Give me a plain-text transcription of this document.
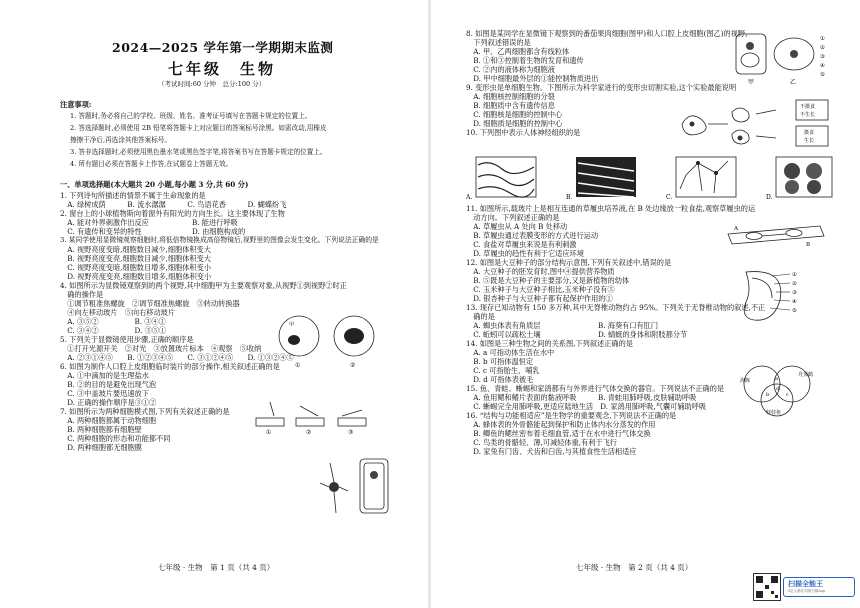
2024—2025 学年第一学期期末监测
七年级　生物
（考试时间:60 分钟　总分:100 分）
注意事项:
1. 答题时,务必将自己的学校、班级、姓名、准考证号填写在答题卡规定的位置上。
2. 答选择题时,必须使用 2B 铅笔将答题卡上对应题目的答案标号涂黑。如需改动,用橡皮
擦擦干净后,再选涂其他答案标号。
3. 答非选择题时,必须使用黑色墨水笔或黑色签字笔,将答案书写在答题卡规定的位置上。
4. 所有题目必须在答题卡上作答,在试题卷上答题无效。
一、单项选择题(本大题共 20 小题,每小题 3 分,共 60 分)
1. 下列诗句所描述的情景不属于生命现象的是
　A. 绿树成荫　　　B. 流水潺潺　　　C. 鸟语花香　　　D. 蝴蝶纷飞
2. 窗台上的小球植物斯向着窗外有阳光的方向生长。这主要体现了生物
　A. 能对外界刺激作出反应　　　　　　B. 能进行呼吸
　C. 有遗传和变异的特性　　　　　　　D. 由细胞构成的
3. 某同学使用显微镜观察细胞时,将低倍物镜换成高倍物镜后,视野里的图像会发生变化。下列说法正确的是
　A. 视野亮度变暗,细胞数目减少,细胞体积变大
　B. 视野亮度变亮,细胞数目减少,细胞体积变大
　C. 视野亮度变暗,细胞数目增多,细胞体积变小
　D. 视野亮度变亮,细胞数目增多,细胞体积变小
4. 如图所示为显微镜观察到的两个视野,其中细胞甲为主要观察对象,从视野①到视野②时正
　确的操作是
　①调节粗准焦螺旋　②调节细准焦螺旋　③转动转换器
　④向左移动玻片　⑤向右移动玻片
　A. ③⑤②　　　　　B. ③④①
　C. ③④②　　　　　D. ③⑤①
5. 下列关于显微镜使用步骤,正确的顺序是
　①打开光源开关　②对光　③放置玻片标本　④观察　⑤收纳
　A. ②③①④⑤　　B. ①②③④⑤　　C. ③①②④⑤　　D. ①③②④⑤
6. 如图为制作人口腔上皮细胞临时装片的部分操作,相关叙述正确的是
　A. ①中滴加的是生理盐水
　B. ②的目的是避免出现气泡
　C. ③中盖玻片要迅速放下
　D. 正确的操作顺序是③①②
7. 如图所示为两种细胞模式图,下列有关叙述正确的是
　A. 两种细胞都属于动物细胞
　B. 两种细胞都有细胞壁
　C. 两种细胞的形态和功能都不同
　D. 两种细胞都无细胞膜
甲
①	②
①	②	③
七年级 · 生物　第 1 页（共 4 页）
8. 如图是某同学在显微镜下观察到的番茄果肉细胞(图甲)和人口腔上皮细胞(图乙)的视野,
　下列叙述错误的是
　A. 甲、乙两细胞都含有线粒体
　B. ①和③控制着生物的发育和遗传
　C. ②内的液体称为细胞液
　D. 甲中细胞最外层的①能控制物质进出
9. 变形虫是单细胞生物。下图所示为科学家进行的变形虫切割实验,这个实验最能说明
　A. 细胞核控制细胞的分裂
　B. 细胞质中含有遗传信息
　C. 细胞核是细胞的控制中心
　D. 细胞质是细胞的控制中心
10. 下列图中表示人体神经组织的是
甲	乙
①
②
③
④
⑤
不摄食
不生长
摄食
生长
A.	B.	C.	D.
11. 如图所示,载玻片上是相互连通的草履虫培养液,在 B 处边缘放一粒食盐,观察草履虫的运
　动方向。下列叙述正确的是
　A. 草履虫从 A 处向 B 处移动
　B. 草履虫通过表膜变形的方式进行运动
　C. 食盐对草履虫来说是有利刺激
　D. 草履虫的趋性有利于它适应环境
12. 如图是大豆种子的部分结构示意图,下列有关叙述中,错误的是
　A. 大豆种子的胚发育时,图中④提供营养物质
　B. ⑤既是大豆种子的主要部分,又是新植物的幼体
　C. 玉米种子与大豆种子相比,玉米种子没有⑤
　D. 银杏种子与大豆种子都有起保护作用的①
13. 现存已知动物有 150 多万种,其中无脊椎动物约占 95%。下列关于无脊椎动物的叙述,不正
　确的是
　A. 蜘虫体表有角质层　　　　　　　　B. 海葵有口有肛门
　C. 蚯蚓可以疏松土壤　　　　　　　　D. 蜻蜓的身体和附肢都分节
14. 如图是三种生物之间的关系图,下列叙述正确的是
　A. a 可指动体生活在水中
　B. b 可指体温恒定
　C. c 可指胎生、哺乳
　D. d 可指体表被毛
15. 鱼、青蛙、蜥蜴和家鸽都有与外界进行气体交换的器官。下列说法不正确的是
　A. 鱼用鳃和鳍片表面的黏液呼吸　　　B. 青蛙用肺呼吸,皮肤辅助呼吸
　C. 蜥蜴完全用肺呼吸,更适应陆地生活　D. 家鸽用肺呼吸,气囊可辅助呼吸
16. “结构与功能相适应”是生物学的重要观念,下列说法不正确的是
　A. 蜂体表的外骨骼能起到保护和防止体内水分蒸发的作用
　B. 鲫鱼的鳃丝密布着毛细血管,适于在水中进行气体交换
　C. 鸟类的骨骼轻、薄,可减轻体重,有利于飞行
　D. 家兔有门齿、犬齿和臼齿,与其植食性生活相适应
A
B
①
②
③
④
⑤
海豚
丹顶鹤
娃娃鱼
a
b	c
d
七年级 · 生物　第 2 页（共 4 页）
扫描全能王
3亿人都在用的扫描App
